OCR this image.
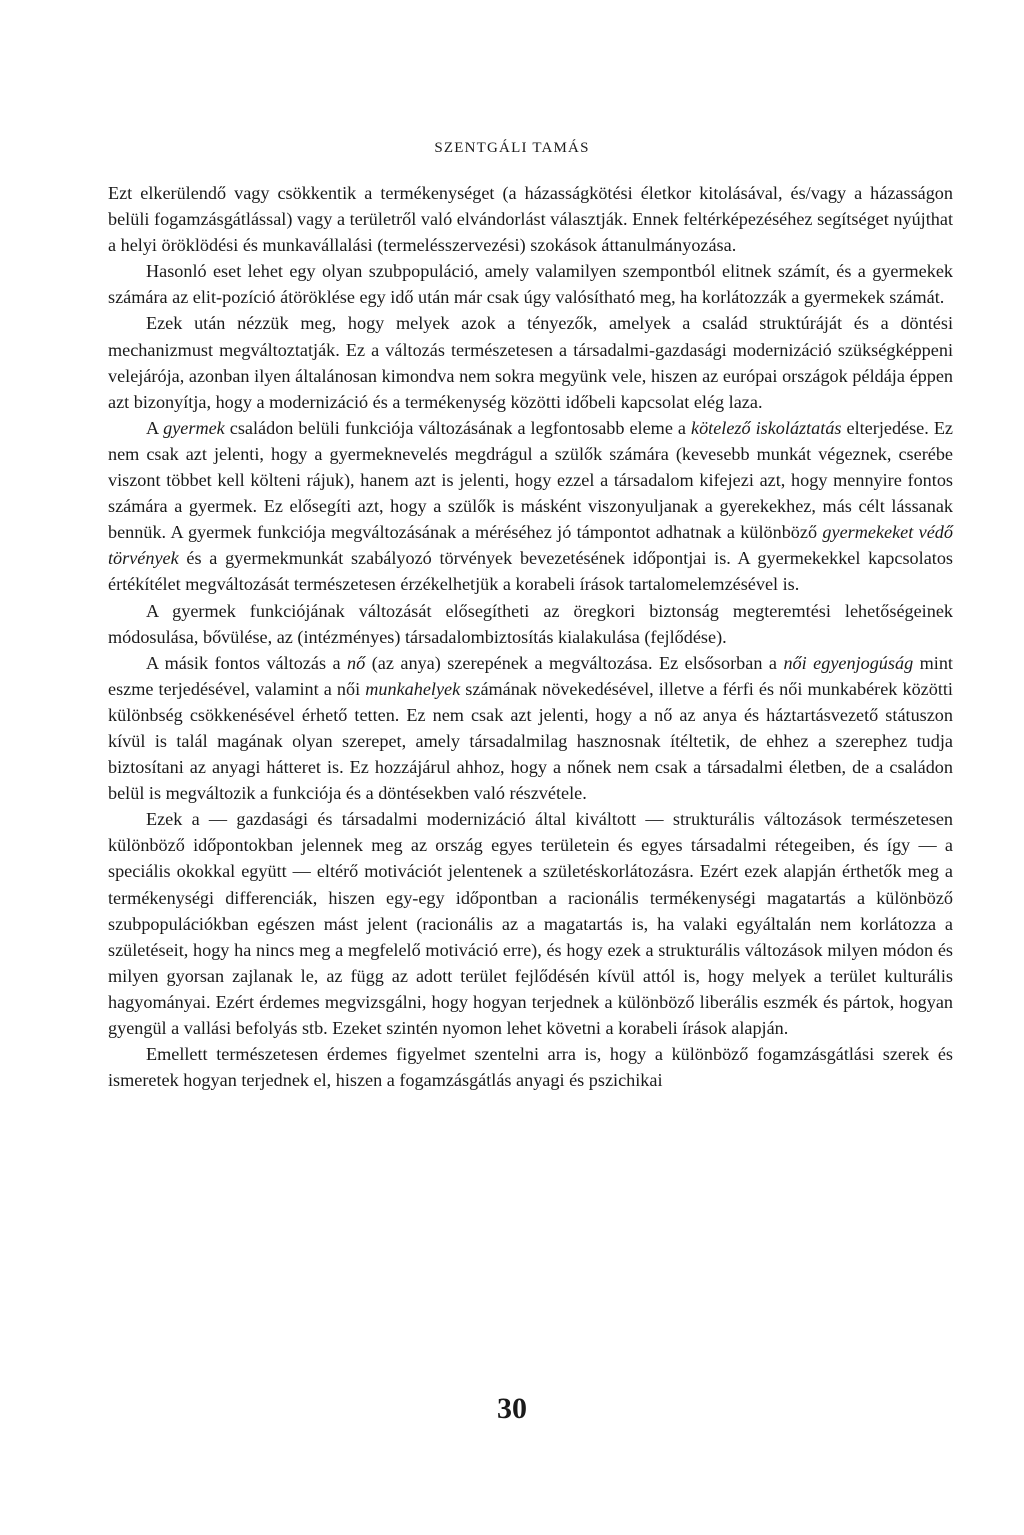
SZENTGÁLI TAMÁS

Ezt elkerülendő vagy csökkentik a termékenységet (a házasságkötési életkor kitolásával, és/vagy a házasságon belüli fogamzásgátlással) vagy a területről való elvándorlást választják. Ennek feltérképezéséhez segítséget nyújthat a helyi öröklödési és munkavállalási (termelésszervezési) szokások áttanulmányozása.

Hasonló eset lehet egy olyan szubpopuláció, amely valamilyen szempontból elitnek számít, és a gyermekek számára az elit-pozíció átöröklése egy idő után már csak úgy valósítható meg, ha korlátozzák a gyermekek számát.

Ezek után nézzük meg, hogy melyek azok a tényezők, amelyek a család struktúráját és a döntési mechanizmust megváltoztatják. Ez a változás természetesen a társadalmi-gazdasági modernizáció szükségképpeni velejárója, azonban ilyen általánosan kimondva nem sokra megyünk vele, hiszen az európai országok példája éppen azt bizonyítja, hogy a modernizáció és a termékenység közötti időbeli kapcsolat elég laza.

A gyermek családon belüli funkciója változásának a legfontosabb eleme a kötelező iskoláztatás elterjedése. Ez nem csak azt jelenti, hogy a gyermeknevelés megdrágul a szülők számára (kevesebb munkát végeznek, cserébe viszont többet kell költeni rájuk), hanem azt is jelenti, hogy ezzel a társadalom kifejezi azt, hogy mennyire fontos számára a gyermek. Ez elősegíti azt, hogy a szülők is másként viszonyuljanak a gyerekekhez, más célt lássanak bennük. A gyermek funkciója megváltozásának a méréséhez jó támpontot adhatnak a különböző gyermekeket védő törvények és a gyermekmunkát szabályozó törvények bevezetésének időpontjai is. A gyermekekkel kapcsolatos értékítélet megváltozását természetesen érzékelhetjük a korabeli írások tartalomelemzésével is.

A gyermek funkciójának változását elősegítheti az öregkori biztonság megteremtési lehetőségeinek módosulása, bővülése, az (intézményes) társadalombiztosítás kialakulása (fejlődése).

A másik fontos változás a nő (az anya) szerepének a megváltozása. Ez elsősorban a női egyenjogúság mint eszme terjedésével, valamint a női munkahelyek számának növekedésével, illetve a férfi és női munkabérek közötti különbség csökkenésével érhető tetten. Ez nem csak azt jelenti, hogy a nő az anya és háztartásvezető státuszon kívül is talál magának olyan szerepet, amely társadalmilag hasznosnak ítéltetik, de ehhez a szerephez tudja biztosítani az anyagi hátteret is. Ez hozzájárul ahhoz, hogy a nőnek nem csak a társadalmi életben, de a családon belül is megváltozik a funkciója és a döntésekben való részvétele.

Ezek a — gazdasági és társadalmi modernizáció által kiváltott — strukturális változások természetesen különböző időpontokban jelennek meg az ország egyes területein és egyes társadalmi rétegeiben, és így — a speciális okokkal együtt — eltérő motivációt jelentenek a születéskorlátozásra. Ezért ezek alapján érthetők meg a termékenységi differenciák, hiszen egy-egy időpontban a racionális termékenységi magatartás a különböző szubpopulációkban egészen mást jelent (racionális az a magatartás is, ha valaki egyáltalán nem korlátozza a születéseit, hogy ha nincs meg a megfelelő motiváció erre), és hogy ezek a strukturális változások milyen módon és milyen gyorsan zajlanak le, az függ az adott terület fejlődésén kívül attól is, hogy melyek a terület kulturális hagyományai. Ezért érdemes megvizsgálni, hogy hogyan terjednek a különböző liberális eszmék és pártok, hogyan gyengül a vallási befolyás stb. Ezeket szintén nyomon lehet követni a korabeli írások alapján.

Emellett természetesen érdemes figyelmet szentelni arra is, hogy a különböző fogamzásgátlási szerek és ismeretek hogyan terjednek el, hiszen a fogamzásgátlás anyagi és pszichikai

30
